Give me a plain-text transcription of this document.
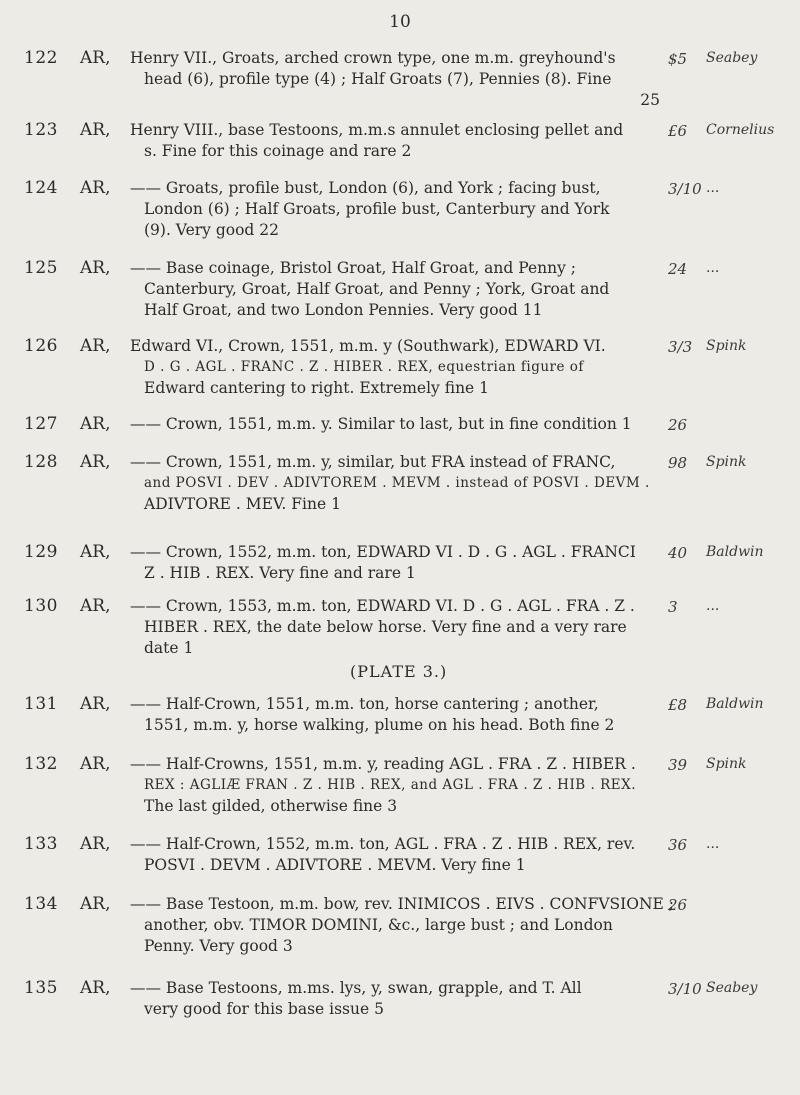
10
122 AR, Henry VII., Groats, arched crown type, one m.m. greyhound's

head (6), profile type (4) ; Half Groats (7), Pennies (8). Fine

25

$5 Seabey
123 AR, Henry VIII., base Testoons, m.m.s annulet enclosing pellet and

s. Fine for this coinage and rare 2

£6 Cornelius
124 AR, —— Groats, profile bust, London (6), and York ; facing bust,

London (6) ; Half Groats, profile bust, Canterbury and York

(9). Very good 22

3/10 ...
125 AR, —— Base coinage, Bristol Groat, Half Groat, and Penny ;

Canterbury, Groat, Half Groat, and Penny ; York, Groat and

Half Groat, and two London Pennies. Very good 11

24 ...
126 AR, Edward VI., Crown, 1551, m.m. y (Southwark), EDWARD VI.

D . G . AGL . FRANC . Z . HIBER . REX, equestrian figure of

Edward cantering to right. Extremely fine 1

3/3 Spink
127 AR, —— Crown, 1551, m.m. y. Similar to last, but in fine condition 1	26
128 AR, —— Crown, 1551, m.m. y, similar, but FRA instead of FRANC,

and POSVI . DEV . ADIVTOREM . MEVM . instead of POSVI . DEVM .

ADIVTORE . MEV. Fine 1

98 Spink
129 AR, —— Crown, 1552, m.m. ton, EDWARD VI . D . G . AGL . FRANCI

Z . HIB . REX. Very fine and rare 1

40 Baldwin
130 AR, —— Crown, 1553, m.m. ton, EDWARD VI. D . G . AGL . FRA . Z .

HIBER . REX, the date below horse. Very fine and a very rare

date 1

3 ...
(PLATE 3.)
131 AR, —— Half-Crown, 1551, m.m. ton, horse cantering ; another,

1551, m.m. y, horse walking, plume on his head. Both fine 2

£8 Baldwin
132 AR, —— Half-Crowns, 1551, m.m. y, reading AGL . FRA . Z . HIBER .

REX : AGLIÆ FRAN . Z . HIB . REX, and AGL . FRA . Z . HIB . REX.

The last gilded, otherwise fine 3

39 Spink
133 AR, —— Half-Crown, 1552, m.m. ton, AGL . FRA . Z . HIB . REX, rev.

POSVI . DEVM . ADIVTORE . MEVM. Very fine 1

36 ...
134 AR, —— Base Testoon, m.m. bow, rev. INIMICOS . EIVS . CONFVSIONE ;

another, obv. TIMOR DOMINI, &c., large bust ; and London

Penny. Very good 3

26
135 AR, —— Base Testoons, m.ms. lys, y, swan, grapple, and T. All

very good for this base issue 5

3/10 Seabey
